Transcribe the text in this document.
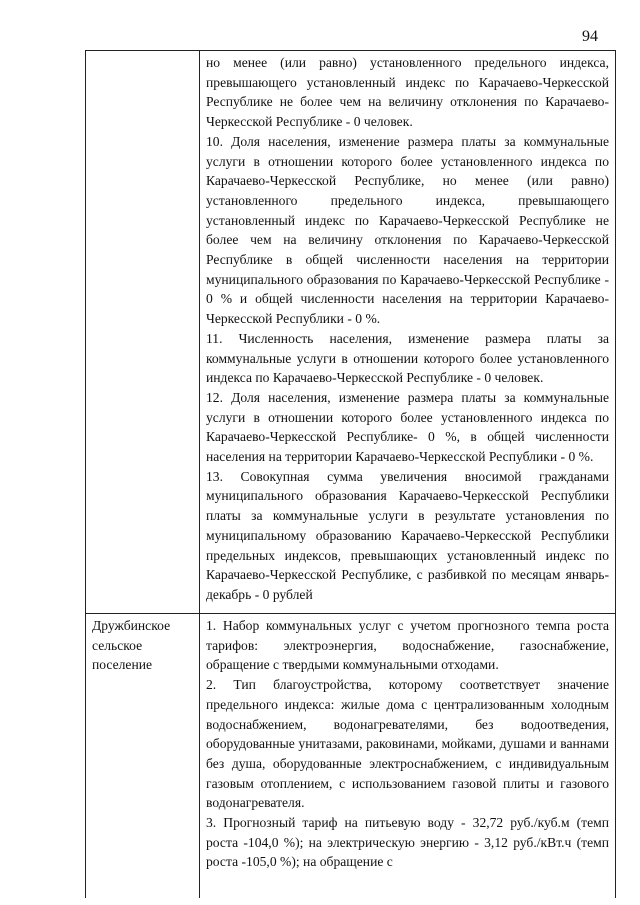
94

	но менее (или равно) установленного предельного индекса, превышающего установленный индекс по Карачаево-Черкесской Республике не более чем на величину отклонения по Карачаево-Черкесской Республике - 0 человек.

10. Доля населения, изменение размера платы за коммунальные услуги в отношении которого более установленного индекса по Карачаево-Черкесской Республике, но менее (или равно) установленного предельного индекса, превышающего установленный индекс по Карачаево-Черкесской Республике не более чем на величину отклонения по Карачаево-Черкесской Республике в общей численности населения на территории муниципального образования по Карачаево-Черкесской Республике - 0 % и общей численности населения на территории Карачаево-Черкесской Республики - 0 %.

11. Численность населения, изменение размера платы за коммунальные услуги в отношении которого более установленного индекса по Карачаево-Черкесской Республике - 0 человек.

12. Доля населения, изменение размера платы за коммунальные услуги в отношении которого более установленного индекса по Карачаево-Черкесской Республике- 0 %, в общей численности населения на территории Карачаево-Черкесской Республики - 0 %.

13. Совокупная сумма увеличения вносимой гражданами муниципального образования Карачаево-Черкесской Республики платы за коммунальные услуги в результате установления по муниципальному образованию Карачаево-Черкесской Республики предельных индексов, превышающих установленный индекс по Карачаево-Черкесской Республике, с разбивкой по месяцам январь-декабрь - 0 рублей

Дружбинское сельское поселение	1. Набор коммунальных услуг с учетом прогнозного темпа роста тарифов: электроэнергия, водоснабжение, газоснабжение, обращение с твердыми коммунальными отходами.

2. Тип благоустройства, которому соответствует значение предельного индекса: жилые дома с централизованным холодным водоснабжением, водонагревателями, без водоотведения, оборудованные унитазами, раковинами, мойками, душами и ваннами без душа, оборудованные электроснабжением, с индивидуальным газовым отоплением, с использованием газовой плиты и газового водонагревателя.

3. Прогнозный тариф на питьевую воду - 32,72 руб./куб.м (темп роста -104,0 %); на электрическую энергию - 3,12 руб./кВт.ч (темп роста -105,0 %); на обращение с
